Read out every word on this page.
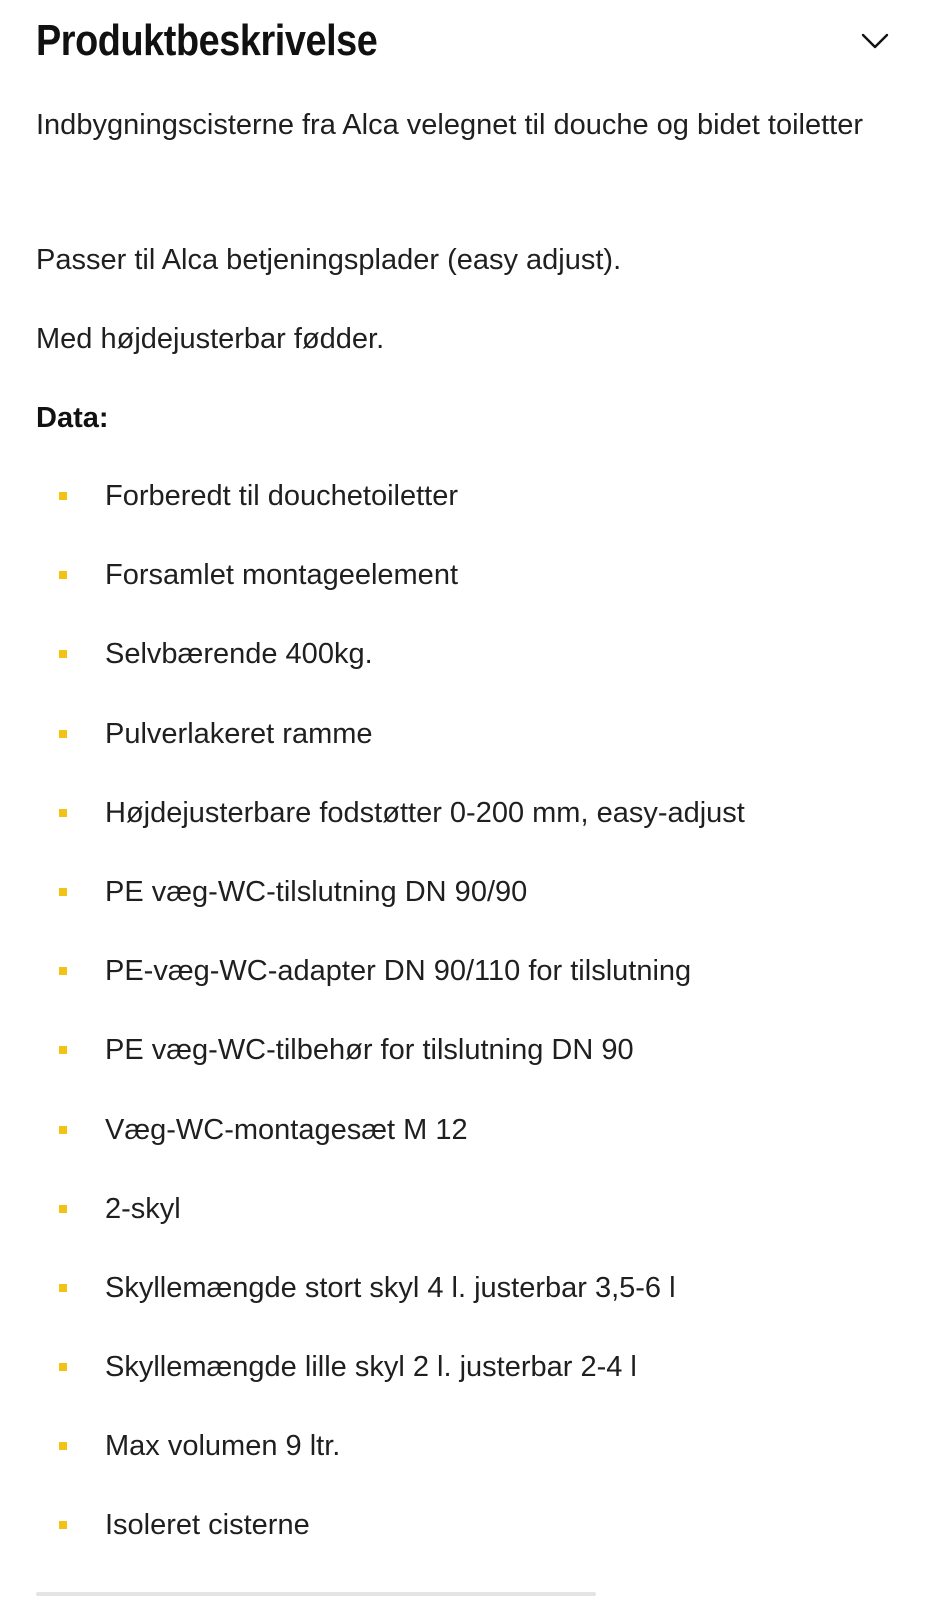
Produktbeskrivelse

Indbygningscisterne fra Alca velegnet til douche og bidet toiletter

Passer til Alca betjeningsplader (easy adjust).

Med højdejusterbar fødder.

Data:
Forberedt til douchetoiletter
Forsamlet montageelement
Selvbærende 400kg.
Pulverlakeret ramme
Højdejusterbare fodstøtter 0-200 mm, easy-adjust
PE væg-WC-tilslutning DN 90/90
PE-væg-WC-adapter DN 90/110 for tilslutning
PE væg-WC-tilbehør for tilslutning DN 90
Væg-WC-montagesæt M 12
2-skyl
Skyllemængde stort skyl 4 l. justerbar 3,5-6 l
Skyllemængde lille skyl 2 l. justerbar 2-4 l
Max volumen 9 ltr.
Isoleret cisterne
